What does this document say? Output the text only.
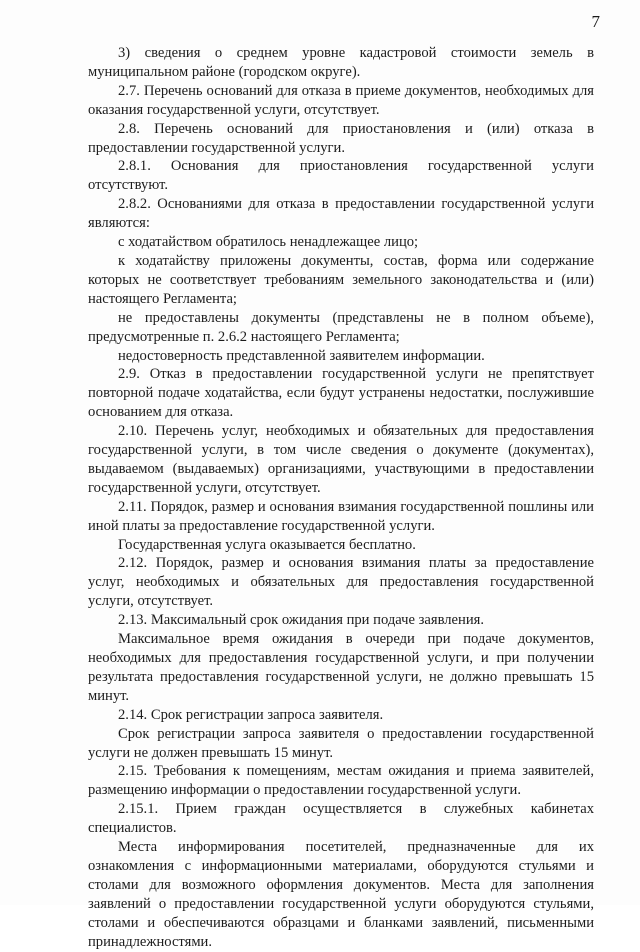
7

3) сведения о среднем уровне кадастровой стоимости земель в муниципальном районе (городском округе).

2.7. Перечень оснований для отказа в приеме документов, необходимых для оказания государственной услуги, отсутствует.

2.8. Перечень оснований для приостановления и (или) отказа в предоставлении государственной услуги.

2.8.1. Основания для приостановления государственной услуги отсутствуют.

2.8.2. Основаниями для отказа в предоставлении государственной услуги являются:

с ходатайством обратилось ненадлежащее лицо;

к ходатайству приложены документы, состав, форма или содержание которых не соответствует требованиям земельного законодательства и (или) настоящего Регламента;

не предоставлены документы (представлены не в полном объеме), предусмотренные п. 2.6.2 настоящего Регламента;

недостоверность представленной заявителем информации.

2.9. Отказ в предоставлении государственной услуги не препятствует повторной подаче ходатайства, если будут устранены недостатки, послужившие основанием для отказа.

2.10. Перечень услуг, необходимых и обязательных для предоставления государственной услуги, в том числе сведения о документе (документах), выдаваемом (выдаваемых) организациями, участвующими в предоставлении государственной услуги, отсутствует.

2.11. Порядок, размер и основания взимания государственной пошлины или иной платы за предоставление государственной услуги.

Государственная услуга оказывается бесплатно.

2.12. Порядок, размер и основания взимания платы за предоставление услуг, необходимых и обязательных для предоставления государственной услуги, отсутствует.

2.13. Максимальный срок ожидания при подаче заявления.

Максимальное время ожидания в очереди при подаче документов, необходимых для предоставления государственной услуги, и при получении результата предоставления государственной услуги, не должно превышать 15 минут.

2.14. Срок регистрации запроса заявителя.

Срок регистрации запроса заявителя о предоставлении государственной услуги не должен превышать 15 минут.

2.15. Требования к помещениям, местам ожидания и приема заявителей, размещению информации о предоставлении государственной услуги.

2.15.1. Прием граждан осуществляется в служебных кабинетах специалистов.

Места информирования посетителей, предназначенные для их ознакомления с информационными материалами, оборудуются стульями и столами для возможного оформления документов. Места для заполнения заявлений о предоставлении государственной услуги оборудуются стульями, столами и обеспечиваются образцами и бланками заявлений, письменными принадлежностями.
